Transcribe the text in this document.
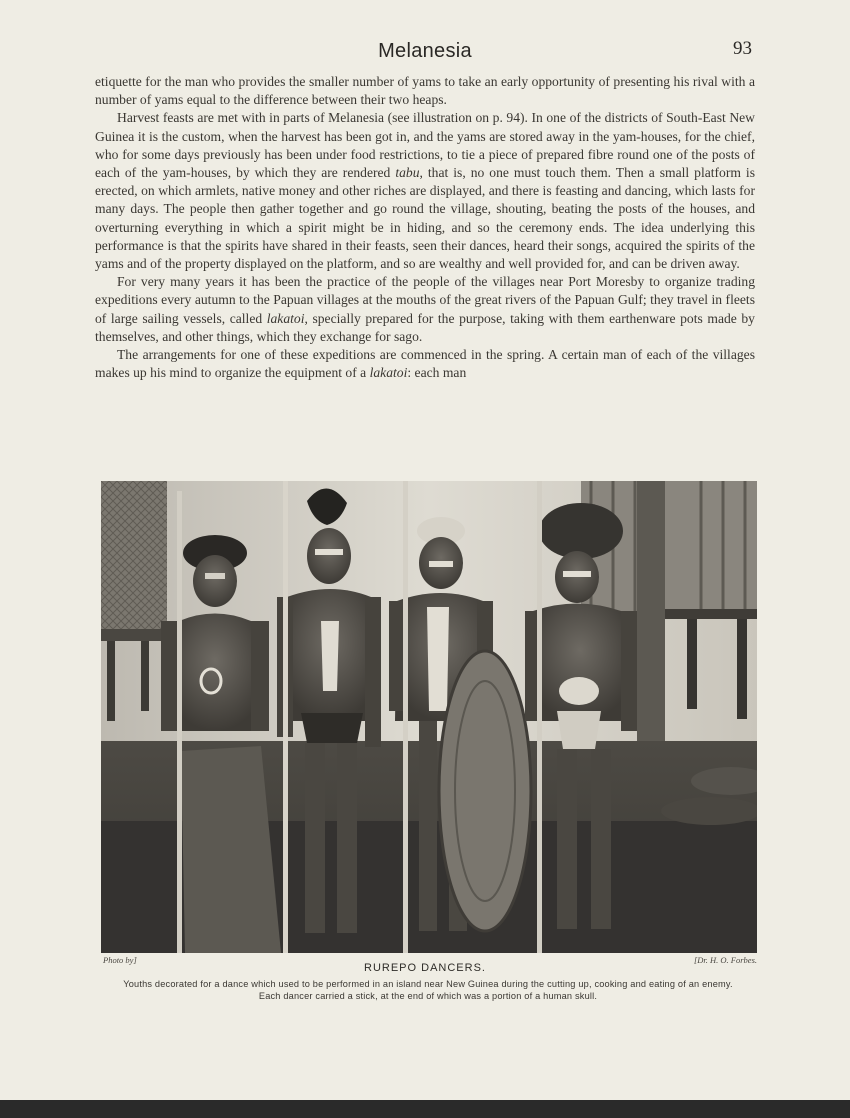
Melanesia	93

etiquette for the man who provides the smaller number of yams to take an early opportunity of presenting his rival with a number of yams equal to the difference between their two heaps.

Harvest feasts are met with in parts of Melanesia (see illustration on p. 94). In one of the districts of South-East New Guinea it is the custom, when the harvest has been got in, and the yams are stored away in the yam-houses, for the chief, who for some days previously has been under food restrictions, to tie a piece of prepared fibre round one of the posts of each of the yam-houses, by which they are rendered tabu, that is, no one must touch them. Then a small platform is erected, on which armlets, native money and other riches are displayed, and there is feasting and dancing, which lasts for many days. The people then gather together and go round the village, shouting, beating the posts of the houses, and overturning everything in which a spirit might be in hiding, and so the ceremony ends. The idea underlying this performance is that the spirits have shared in their feasts, seen their dances, heard their songs, acquired the spirits of the yams and of the property displayed on the platform, and so are wealthy and well provided for, and can be driven away.

For very many years it has been the practice of the people of the villages near Port Moresby to organize trading expeditions every autumn to the Papuan villages at the mouths of the great rivers of the Papuan Gulf; they travel in fleets of large sailing vessels, called lakatoi, specially prepared for the purpose, taking with them earthenware pots made by themselves, and other things, which they exchange for sago.

The arrangements for one of these expeditions are commenced in the spring. A certain man of each of the villages makes up his mind to organize the equipment of a lakatoi: each man

Photo by]	[Dr. H. O. Forbes.
RUREPO DANCERS.
Youths decorated for a dance which used to be performed in an island near New Guinea during the cutting up, cooking and eating of an enemy. Each dancer carried a stick, at the end of which was a portion of a human skull.
